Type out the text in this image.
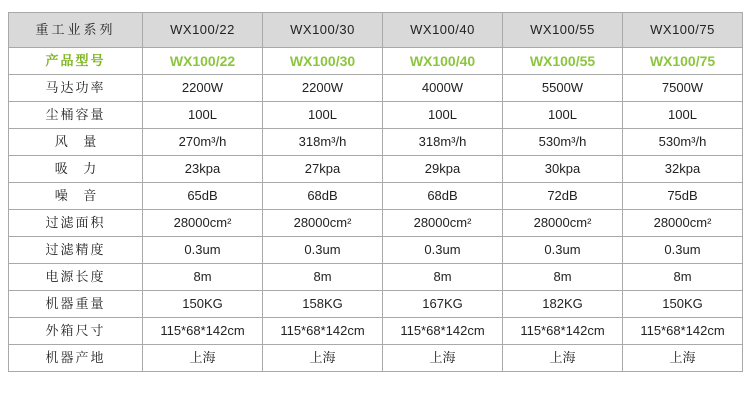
重工业系列	WX100/22	WX100/30	WX100/40	WX100/55	WX100/75
产品型号	WX100/22	WX100/30	WX100/40	WX100/55	WX100/75
马达功率	2200W	2200W	4000W	5500W	7500W
尘桶容量	100L	100L	100L	100L	100L
风 量	270m³/h	318m³/h	318m³/h	530m³/h	530m³/h
吸 力	23kpa	27kpa	29kpa	30kpa	32kpa
噪 音	65dB	68dB	68dB	72dB	75dB
过滤面积	28000cm²	28000cm²	28000cm²	28000cm²	28000cm²
过滤精度	0.3um	0.3um	0.3um	0.3um	0.3um
电源长度	8m	8m	8m	8m	8m
机器重量	150KG	158KG	167KG	182KG	150KG
外箱尺寸	115*68*142cm	115*68*142cm	115*68*142cm	115*68*142cm	115*68*142cm
机器产地	上海	上海	上海	上海	上海
